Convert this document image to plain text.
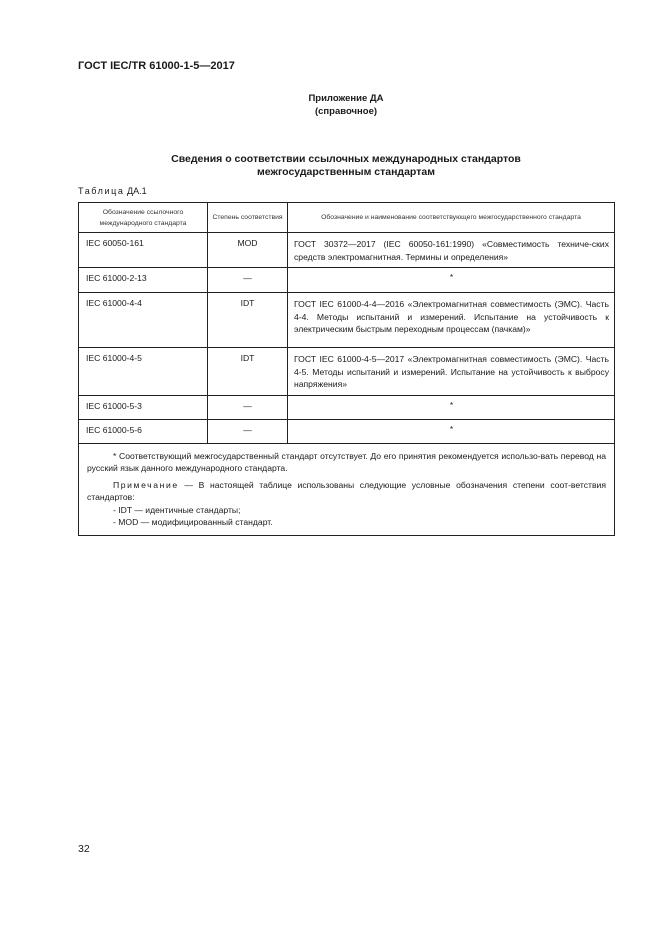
ГОСТ IEC/TR 61000-1-5—2017
Приложение ДА
(справочное)
Сведения о соответствии ссылочных международных стандартов
межгосударственным стандартам
Таблица ДА.1
Обозначение ссылочного международного стандарта	Степень соответствия	Обозначение и наименование соответствующего межгосударственного стандарта
IEC 60050-161	MOD	ГОСТ 30372—2017 (IEC 60050-161:1990) «Совместимость техниче-ских средств электромагнитная. Термины и определения»
IEC 61000-2-13	—	*
IEC 61000-4-4	IDT	ГОСТ IEC 61000-4-4—2016 «Электромагнитная совместимость (ЭМС). Часть 4-4. Методы испытаний и измерений. Испытание на устойчивость к электрическим быстрым переходным процессам (пачкам)»
IEC 61000-4-5	IDT	ГОСТ IEC 61000-4-5—2017 «Электромагнитная совместимость (ЭМС). Часть 4-5. Методы испытаний и измерений. Испытание на устойчивость к выбросу напряжения»
IEC 61000-5-3	—	*
IEC 61000-5-6	—	*

* Соответствующий межгосударственный стандарт отсутствует. До его принятия рекомендуется использо-вать перевод на русский язык данного международного стандарта.
Примечание — В настоящей таблице использованы следующие условные обозначения степени соот-ветствия стандартов:
- IDT — идентичные стандарты;
- MOD — модифицированный стандарт.		
32
